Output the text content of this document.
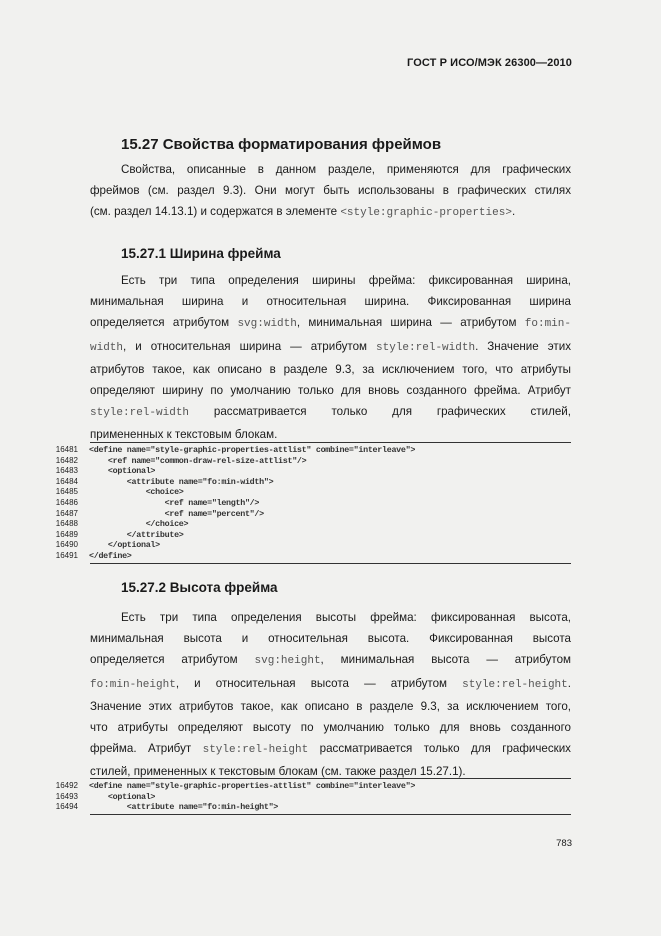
ГОСТ Р ИСО/МЭК 26300—2010
15.27 Свойства форматирования фреймов
Свойства, описанные в данном разделе, применяются для графических
фреймов (см. раздел 9.3). Они могут быть использованы в графических стилях
(см. раздел 14.13.1) и содержатся в элементе <style:graphic-properties>.
15.27.1 Ширина фрейма
Есть три типа определения ширины фрейма: фиксированная ширина,
минимальная ширина и относительная ширина. Фиксированная ширина
определяется атрибутом svg:width, минимальная ширина — атрибутом fo:min-
width, и относительная ширина — атрибутом style:rel-width. Значение этих
атрибутов такое, как описано в разделе 9.3, за исключением того, что атрибуты
определяют ширину по умолчанию только для вновь созданного фрейма. Атрибут
style:rel-width рассматривается только для графических стилей,
примененных к текстовым блокам.
16481 <define name="style-graphic-properties-attlist" combine="interleave">
16482 <ref name="common-draw-rel-size-attlist"/>
16483 <optional>
16484 <attribute name="fo:min-width">
16485 <choice>
16486 <ref name="length"/>
16487 <ref name="percent"/>
16488 </choice>
16489 </attribute>
16490 </optional>
16491 </define>
15.27.2 Высота фрейма
Есть три типа определения высоты фрейма: фиксированная высота,
минимальная высота и относительная высота. Фиксированная высота
определяется атрибутом svg:height, минимальная высота — атрибутом
fo:min-height, и относительная высота — атрибутом style:rel-height.
Значение этих атрибутов такое, как описано в разделе 9.3, за исключением того,
что атрибуты определяют высоту по умолчанию только для вновь созданного
фрейма. Атрибут style:rel-height рассматривается только для графических
стилей, примененных к текстовым блокам (см. также раздел 15.27.1).
16492 <define name="style-graphic-properties-attlist" combine="interleave">
16493 <optional>
16494 <attribute name="fo:min-height">
783
